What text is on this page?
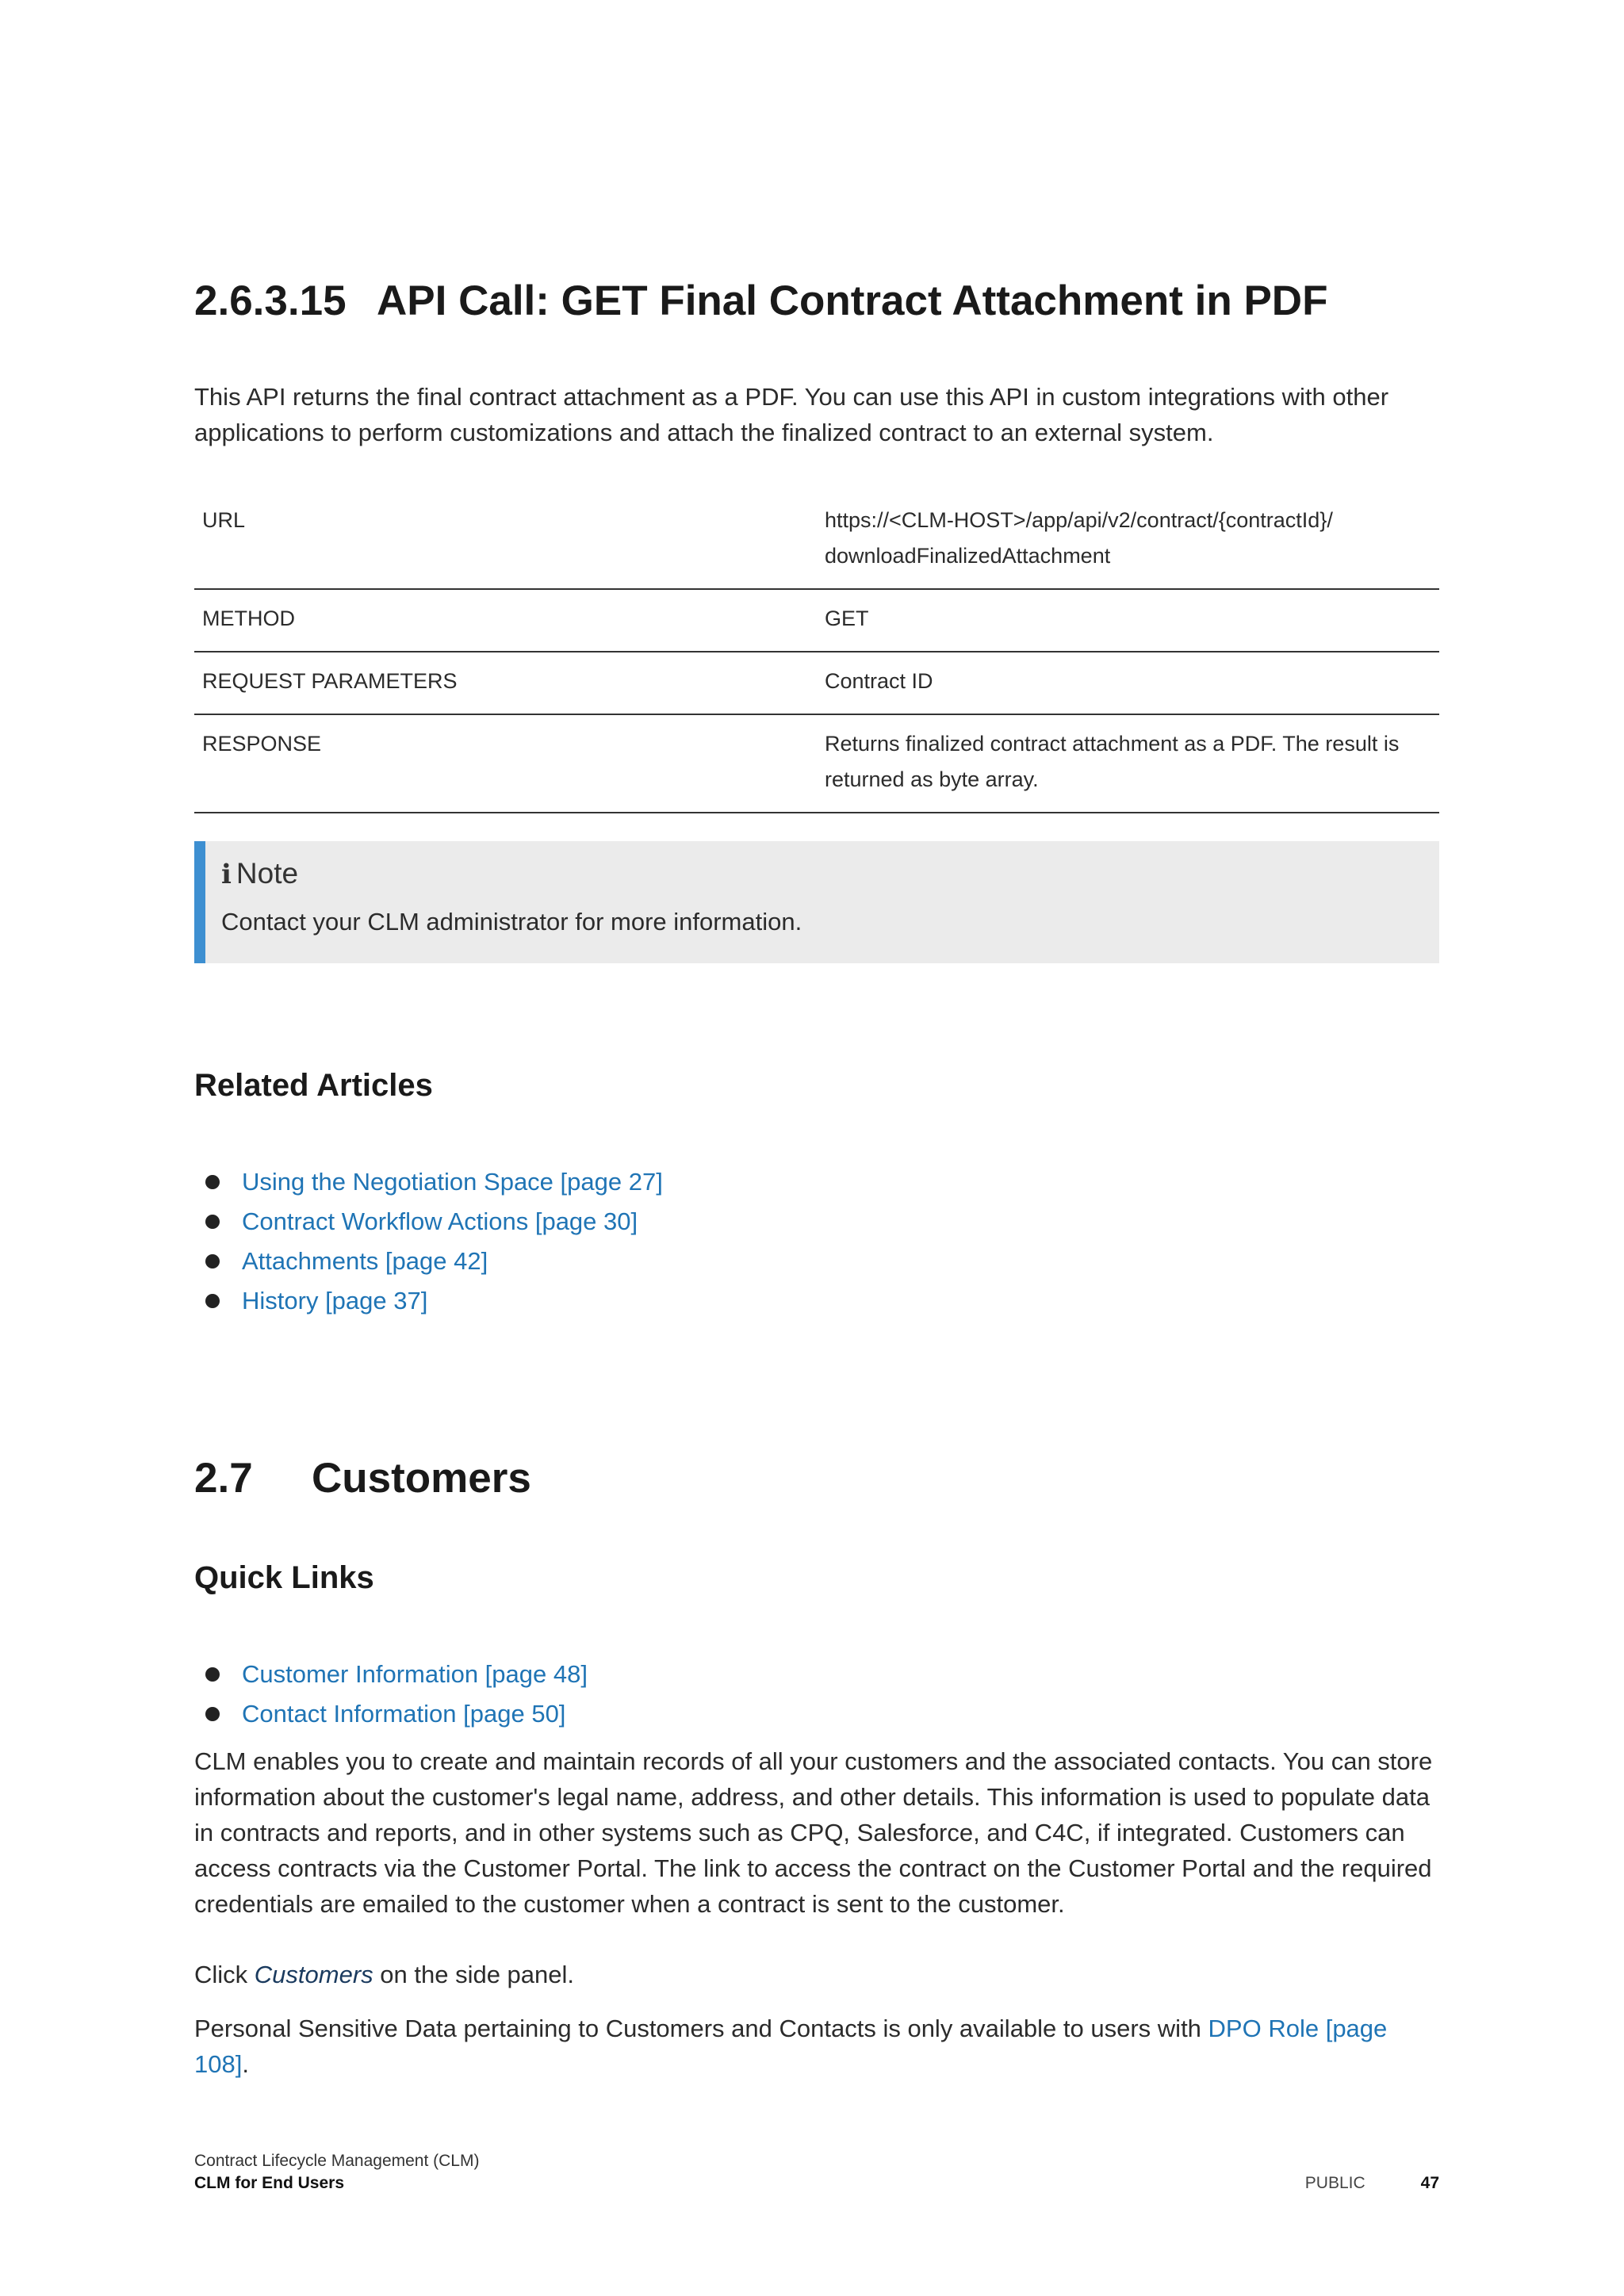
2.6.3.15 API Call: GET Final Contract Attachment in PDF

This API returns the final contract attachment as a PDF. You can use this API in custom integrations with other applications to perform customizations and attach the finalized contract to an external system.

URL	https://<CLM-HOST>/app/api/v2/contract/{contractId}/
downloadFinalizedAttachment

METHOD	GET
REQUEST PARAMETERS	Contract ID
RESPONSE	Returns finalized contract attachment as a PDF. The result is
returned as byte array.
i Note
Contact your CLM administrator for more information.
Related Articles
Using the Negotiation Space [page 27]
Contract Workflow Actions [page 30]
Attachments [page 42]
History [page 37]
2.7 Customers
Quick Links
Customer Information [page 48]
Contact Information [page 50]

CLM enables you to create and maintain records of all your customers and the associated contacts. You can store information about the customer's legal name, address, and other details. This information is used to populate data in contracts and reports, and in other systems such as CPQ, Salesforce, and C4C, if integrated. Customers can access contracts via the Customer Portal. The link to access the contract on the Customer Portal and the required credentials are emailed to the customer when a contract is sent to the customer.

Click Customers on the side panel.

Personal Sensitive Data pertaining to Customers and Contacts is only available to users with DPO Role [page 108].

Contract Lifecycle Management (CLM)
CLM for End Users	PUBLIC	47
